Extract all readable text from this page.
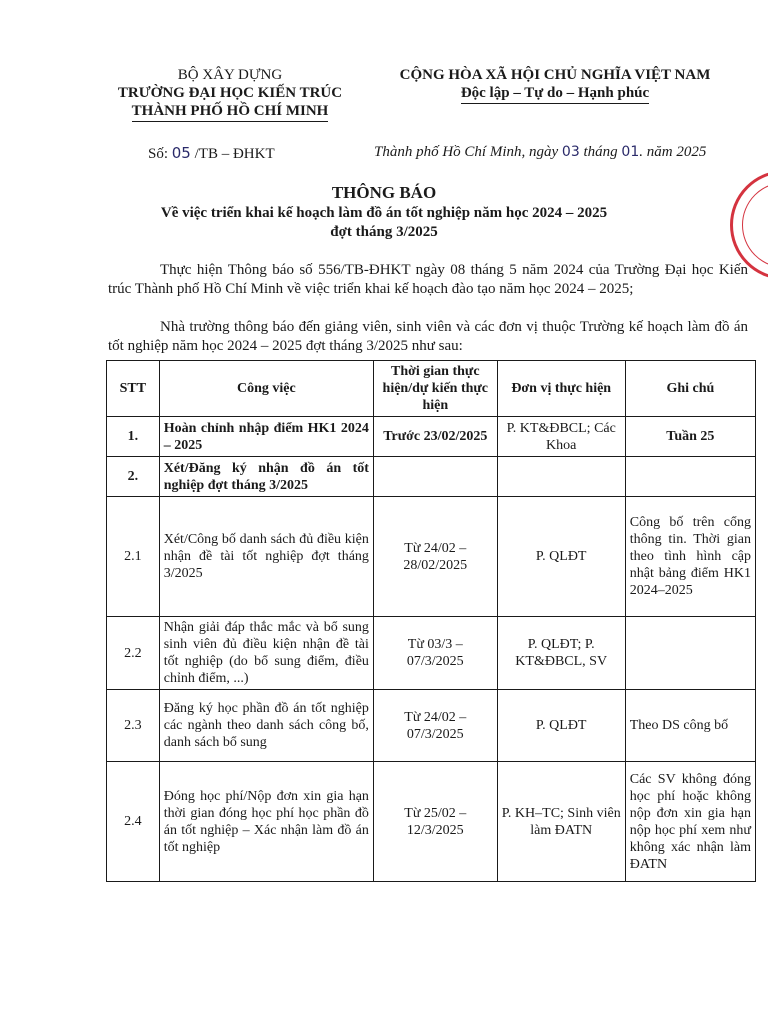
BỘ XÂY DỰNG
TRƯỜNG ĐẠI HỌC KIẾN TRÚC
THÀNH PHỐ HỒ CHÍ MINH
CỘNG HÒA XÃ HỘI CHỦ NGHĨA VIỆT NAM
Độc lập – Tự do – Hạnh phúc
Số: 05 /TB – ĐHKT	Thành phố Hồ Chí Minh, ngày 03 tháng 01. năm 2025
THÔNG BÁO
Về việc triển khai kế hoạch làm đồ án tốt nghiệp năm học 2024 – 2025
đợt tháng 3/2025
Thực hiện Thông báo số 556/TB-ĐHKT ngày 08 tháng 5 năm 2024 của Trường Đại học Kiến trúc Thành phố Hồ Chí Minh về việc triển khai kế hoạch đào tạo năm học 2024 – 2025;
Nhà trường thông báo đến giảng viên, sinh viên và các đơn vị thuộc Trường kế hoạch làm đồ án tốt nghiệp năm học 2024 – 2025 đợt tháng 3/2025 như sau:
STT	Công việc	Thời gian thực hiện/dự kiến thực hiện	Đơn vị thực hiện	Ghi chú
1.	Hoàn chỉnh nhập điểm HK1 2024 – 2025	Trước 23/02/2025	P. KT&ĐBCL; Các Khoa	Tuần 25
2.	Xét/Đăng ký nhận đồ án tốt nghiệp đợt tháng 3/2025			
2.1	Xét/Công bố danh sách đủ điều kiện nhận đề tài tốt nghiệp đợt tháng 3/2025	Từ 24/02 – 28/02/2025	P. QLĐT	Công bố trên cổng thông tin. Thời gian theo tình hình cập nhật bảng điểm HK1 2024–2025
2.2	Nhận giải đáp thắc mắc và bổ sung sinh viên đủ điều kiện nhận đề tài tốt nghiệp (do bổ sung điểm, điều chỉnh điểm, ...)	Từ 03/3 – 07/3/2025	P. QLĐT; P. KT&ĐBCL, SV	
2.3	Đăng ký học phần đồ án tốt nghiệp các ngành theo danh sách công bố, danh sách bổ sung	Từ 24/02 – 07/3/2025	P. QLĐT	Theo DS công bố
2.4	Đóng học phí/Nộp đơn xin gia hạn thời gian đóng học phí học phần đồ án tốt nghiệp – Xác nhận làm đồ án tốt nghiệp	Từ 25/02 – 12/3/2025	P. KH–TC; Sinh viên làm ĐATN	Các SV không đóng học phí hoặc không nộp đơn xin gia hạn nộp học phí xem như không xác nhận làm ĐATN
